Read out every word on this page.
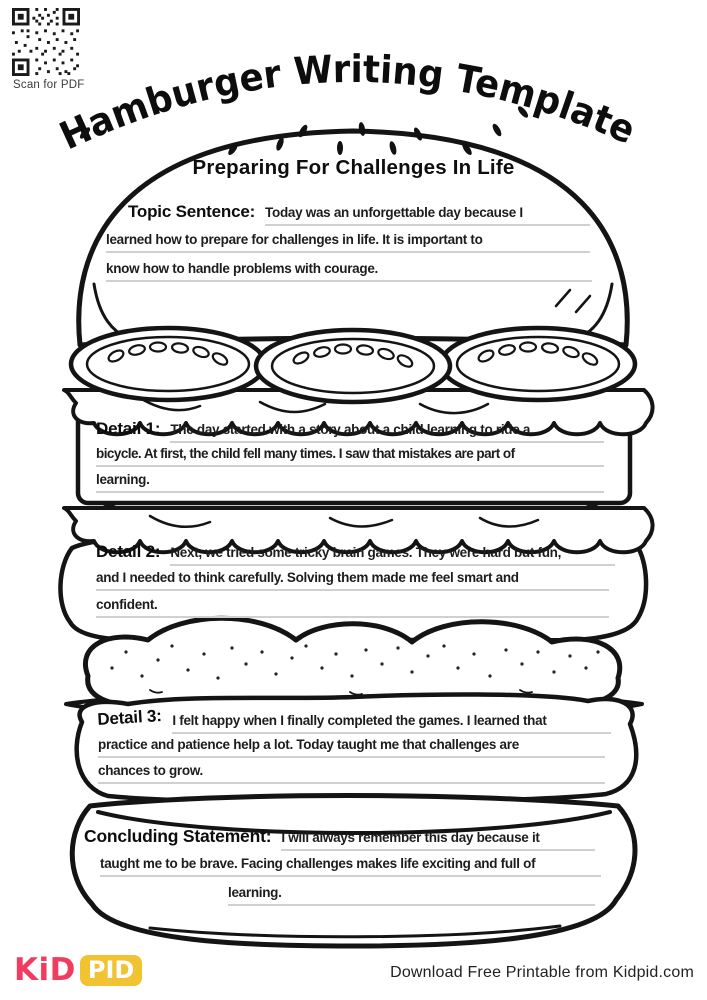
Scan for PDF
Hamburger Writing Template
Preparing For Challenges In Life
Topic Sentence: Today was an unforgettable day because I
learned how to prepare for challenges in life. It is important to
know how to handle problems with courage.
Detail 1: The day started with a story about a child learning to ride a
bicycle. At first, the child fell many times. I saw that mistakes are part of
learning.
Detail 2: Next, we tried some tricky brain games. They were hard but fun,
and I needed to think carefully. Solving them made me feel smart and
confident.
Detail 3: I felt happy when I finally completed the games. I learned that
practice and patience help a lot. Today taught me that challenges are
chances to grow.
Concluding Statement: I will always remember this day because it
taught me to be brave. Facing challenges makes life exciting and full of
learning.
KiD PID	Download Free Printable from Kidpid.com
